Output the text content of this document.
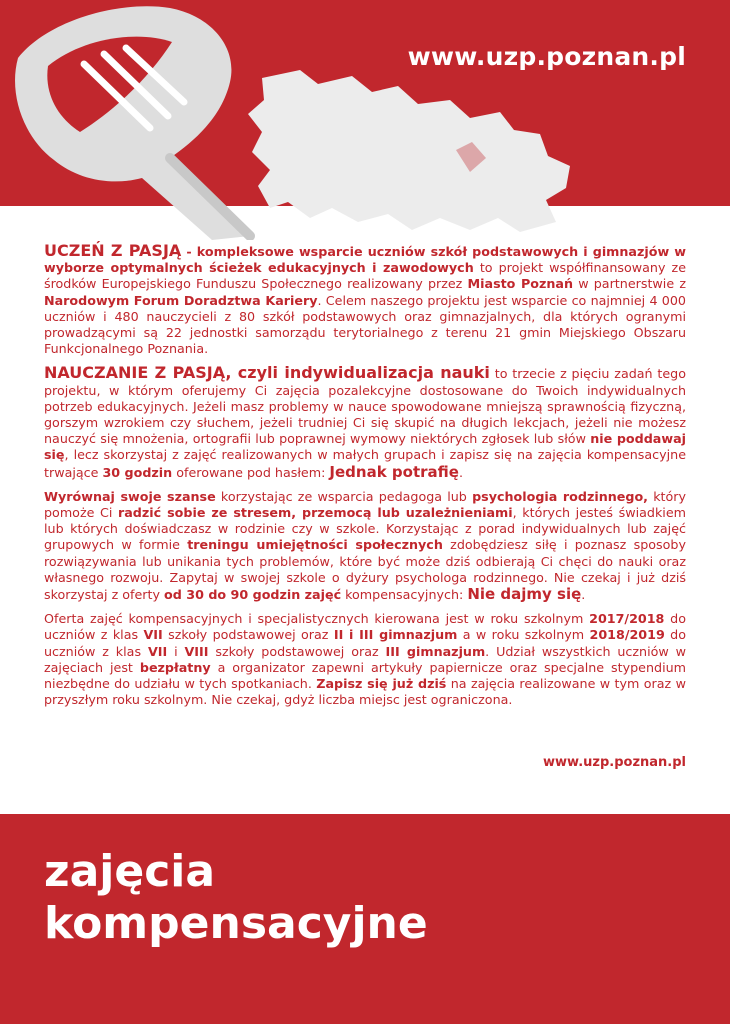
www.uzp.poznan.pl

UCZEŃ Z PASJĄ - kompleksowe wsparcie uczniów szkół podstawowych i gimnazjów w wyborze optymalnych ścieżek edukacyjnych i zawodowych to projekt współfinansowany ze środków Europejskiego Funduszu Społecznego realizowany przez Miasto Poznań w partnerstwie z Narodowym Forum Doradztwa Kariery. Celem naszego projektu jest wsparcie co najmniej 4 000 uczniów i 480 nauczycieli z 80 szkół podstawowych oraz gimnazjalnych, dla których ogranymi prowadzącymi są 22 jednostki samorządu terytorialnego z terenu 21 gmin Miejskiego Obszaru Funkcjonalnego Poznania.

NAUCZANIE Z PASJĄ, czyli indywidualizacja nauki to trzecie z pięciu zadań tego projektu, w którym oferujemy Ci zajęcia pozalekcyjne dostosowane do Twoich indywidualnych potrzeb edukacyjnych. Jeżeli masz problemy w nauce spowodowane mniejszą sprawnością fizyczną, gorszym wzrokiem czy słuchem, jeżeli trudniej Ci się skupić na długich lekcjach, jeżeli nie możesz nauczyć się mnożenia, ortografii lub poprawnej wymowy niektórych zgłosek lub słów nie poddawaj się, lecz skorzystaj z zajęć realizowanych w małych grupach i zapisz się na zajęcia kompensacyjne trwające 30 godzin oferowane pod hasłem: Jednak potrafię.

Wyrównaj swoje szanse korzystając ze wsparcia pedagoga lub psychologia rodzinnego, który pomoże Ci radzić sobie ze stresem, przemocą lub uzależnieniami, których jesteś świadkiem lub których doświadczasz w rodzinie czy w szkole. Korzystając z porad indywidualnych lub zajęć grupowych w formie treningu umiejętności społecznych zdobędziesz siłę i poznasz sposoby rozwiązywania lub unikania tych problemów, które być może dziś odbierają Ci chęci do nauki oraz własnego rozwoju. Zapytaj w swojej szkole o dyżury psychologa rodzinnego. Nie czekaj i już dziś skorzystaj z oferty od 30 do 90 godzin zajęć kompensacyjnych: Nie dajmy się.

Oferta zajęć kompensacyjnych i specjalistycznych kierowana jest w roku szkolnym 2017/2018 do uczniów z klas VII szkoły podstawowej oraz II i III gimnazjum a w roku szkolnym 2018/2019 do uczniów z klas VII i VIII szkoły podstawowej oraz III gimnazjum. Udział wszystkich uczniów w zajęciach jest bezpłatny a organizator zapewni artykuły papiernicze oraz specjalne stypendium niezbędne do udziału w tych spotkaniach. Zapisz się już dziś na zajęcia realizowane w tym oraz w przyszłym roku szkolnym. Nie czekaj, gdyż liczba miejsc jest ograniczona.

www.uzp.poznan.pl
zajęcia
kompensacyjne
